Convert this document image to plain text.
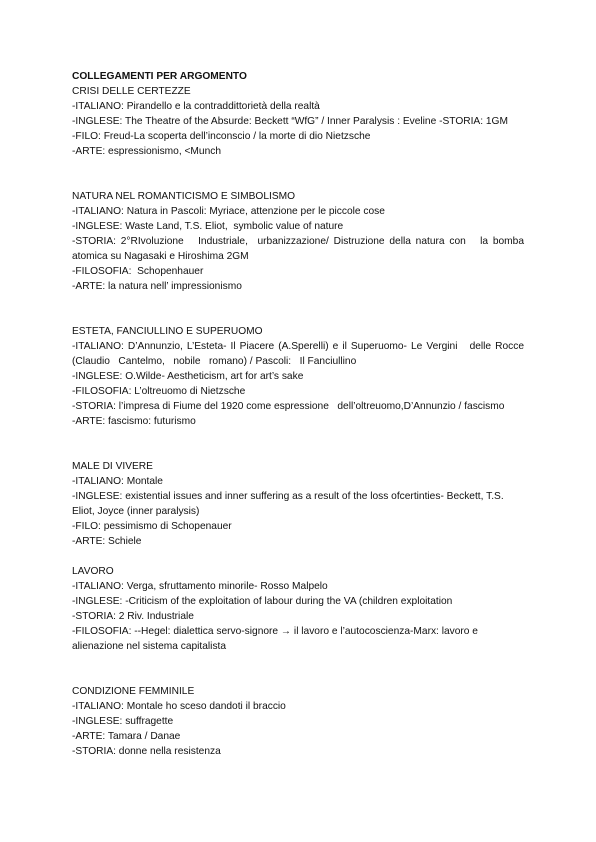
COLLEGAMENTI PER ARGOMENTO
CRISI DELLE CERTEZZE
-ITALIANO: Pirandello e la contraddittorietà della realtà
-INGLESE: The Theatre of the Absurde: Beckett “WfG” / Inner Paralysis : Eveline -STORIA: 1GM
-FILO: Freud-La scoperta dell’inconscio / la morte di dio Nietzsche
-ARTE: espressionismo, <Munch
NATURA NEL ROMANTICISMO E SIMBOLISMO
-ITALIANO: Natura in Pascoli: Myriace, attenzione per le piccole cose
-INGLESE: Waste Land, T.S. Eliot,  symbolic value of nature
-STORIA: 2°RIvoluzione   Industriale,  urbanizzazione/ Distruzione della natura con   la bomba atomica su Nagasaki e Hiroshima 2GM
-FILOSOFIA:  Schopenhauer
-ARTE: la natura nell’ impressionismo
ESTETA, FANCIULLINO E SUPERUOMO
-ITALIANO: D’Annunzio, L’Esteta- Il Piacere (A.Sperelli) e il Superuomo- Le Vergini   delle Rocce   (Claudio   Cantelmo,   nobile   romano) / Pascoli:   Il Fanciullino
-INGLESE: O.Wilde- Aestheticism, art for art’s sake
-FILOSOFIA: L’oltreuomo di Nietzsche
-STORIA: l’impresa di Fiume del 1920 come espressione   dell’oltreuomo,D’Annunzio / fascismo
-ARTE: fascismo: futurismo
MALE DI VIVERE
-ITALIANO: Montale
-INGLESE: existential issues and inner suffering as a result of the loss ofcertinties- Beckett, T.S. Eliot, Joyce (inner paralysis)
-FILO: pessimismo di Schopenauer
-ARTE: Schiele
LAVORO
-ITALIANO: Verga, sfruttamento minorile- Rosso Malpelo
-INGLESE: -Criticism of the exploitation of labour during the VA (children exploitation
-STORIA: 2 Riv. Industriale
-FILOSOFIA: --Hegel: dialettica servo-signore → il lavoro e l’autocoscienza-Marx: lavoro e alienazione nel sistema capitalista
CONDIZIONE FEMMINILE
-ITALIANO: Montale ho sceso dandoti il braccio
-INGLESE: suffragette
-ARTE: Tamara / Danae
-STORIA: donne nella resistenza
